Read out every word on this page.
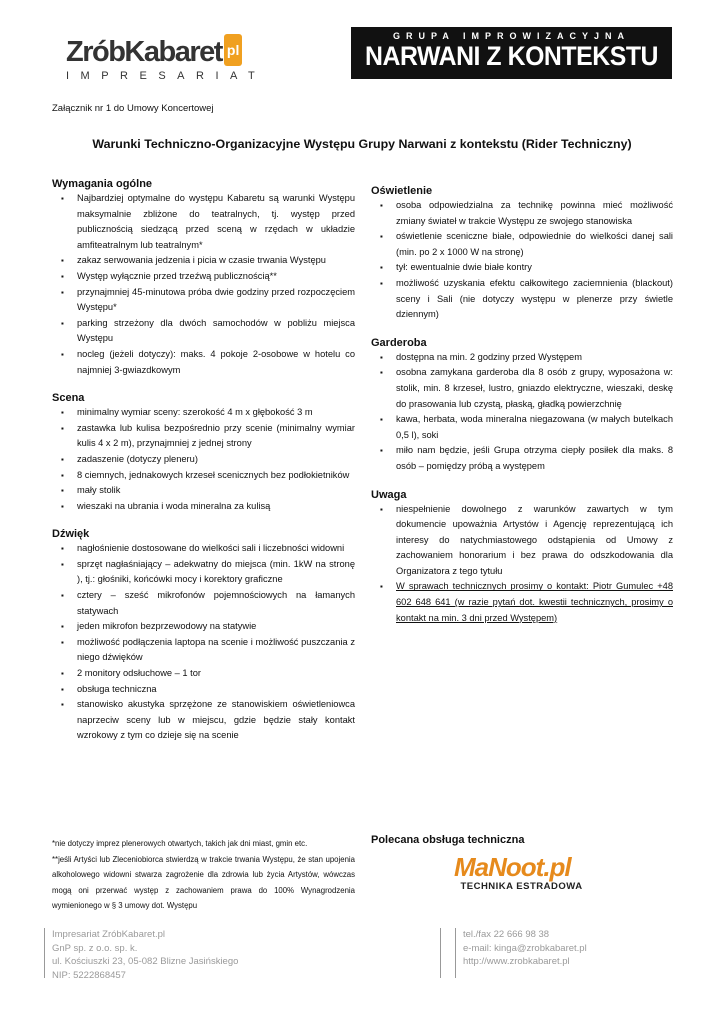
ZróbKabaret pl
IMPRESARIAT
GRUPA IMPROWIZACYJNA
NARWANI Z KONTEKSTU
Załącznik nr 1 do Umowy Koncertowej
Warunki Techniczno-Organizacyjne Występu Grupy Narwani z kontekstu (Rider Techniczny)
Wymagania ogólne
▪ Najbardziej optymalne do występu Kabaretu są warunki Występu maksymalnie zbliżone do teatralnych, tj. występ przed publicznością siedzącą przed sceną w rzędach w układzie amfiteatralnym lub teatralnym*
▪ zakaz serwowania jedzenia i picia w czasie trwania Występu
▪ Występ wyłącznie przed trzeźwą publicznością**
▪ przynajmniej 45-minutowa próba dwie godziny przed rozpoczęciem Występu*
▪ parking strzeżony dla dwóch samochodów w pobliżu miejsca Występu
▪ nocleg (jeżeli dotyczy): maks. 4 pokoje 2-osobowe w hotelu co najmniej 3-gwiazdkowym
Scena
▪ minimalny wymiar sceny: szerokość 4 m x głębokość 3 m
▪ zastawka lub kulisa bezpośrednio przy scenie (minimalny wymiar kulis 4 x 2 m), przynajmniej z jednej strony
▪ zadaszenie (dotyczy pleneru)
▪ 8 ciemnych, jednakowych krzeseł scenicznych bez podłokietników
▪ mały stolik
▪ wieszaki na ubrania i woda mineralna za kulisą
Dźwięk
▪ nagłośnienie dostosowane do wielkości sali i liczebności widowni
▪ sprzęt nagłaśniający – adekwatny do miejsca (min. 1kW na stronę ), tj.: głośniki, końcówki mocy i korektory graficzne
▪ cztery – sześć mikrofonów pojemnościowych na łamanych statywach
▪ jeden mikrofon bezprzewodowy na statywie
▪ możliwość podłączenia laptopa na scenie i możliwość puszczania z niego dźwięków
▪ 2 monitory odsłuchowe – 1 tor
▪ obsługa techniczna
▪ stanowisko akustyka sprzężone ze stanowiskiem oświetleniowca naprzeciw sceny lub w miejscu, gdzie będzie stały kontakt wzrokowy z tym co dzieje się na scenie
Oświetlenie
▪ osoba odpowiedzialna za technikę powinna mieć możliwość zmiany świateł w trakcie Występu ze swojego stanowiska
▪ oświetlenie sceniczne białe, odpowiednie do wielkości danej sali (min. po 2 x 1000 W na stronę)
▪ tył: ewentualnie dwie białe kontry
▪ możliwość uzyskania efektu całkowitego zaciemnienia (blackout) sceny i Sali (nie dotyczy występu w plenerze przy świetle dziennym)
Garderoba
▪ dostępna na min. 2 godziny przed Występem
▪ osobna zamykana garderoba dla 8 osób z grupy, wyposażona w: stolik, min. 8 krzeseł, lustro, gniazdo elektryczne, wieszaki, deskę do prasowania lub czystą, płaską, gładką powierzchnię
▪ kawa, herbata, woda mineralna niegazowana (w małych butelkach 0,5 l), soki
▪ miło nam będzie, jeśli Grupa otrzyma ciepły posiłek dla maks. 8 osób – pomiędzy próbą a występem
Uwaga
▪ niespełnienie dowolnego z warunków zawartych w tym dokumencie upoważnia Artystów i Agencję reprezentującą ich interesy do natychmiastowego odstąpienia od Umowy z zachowaniem honorarium i bez prawa do odszkodowania dla Organizatora z tego tytułu
▪ W sprawach technicznych prosimy o kontakt: Piotr Gumulec +48 602 648 641 (w razie pytań dot. kwestii technicznych, prosimy o kontakt na min. 3 dni przed Występem)

*nie dotyczy imprez plenerowych otwartych, takich jak dni miast, gmin etc.

**jeśli Artyści lub Zleceniobiorca stwierdzą w trakcie trwania Występu, że stan upojenia alkoholowego widowni stwarza zagrożenie dla zdrowia lub życia Artystów, wówczas mogą oni przerwać występ z zachowaniem prawa do 100% Wynagrodzenia wymienionego w § 3 umowy dot. Występu

Polecana obsługa techniczna
MaNoot.pl
TECHNIKA ESTRADOWA
Impresariat ZróbKabaret.pl
GnP sp. z o.o. sp. k.
ul. Kościuszki 23, 05-082 Blizne Jasińskiego
NIP: 5222868457
tel./fax 22 666 98 38
e-mail: kinga@zrobkabaret.pl
http://www.zrobkabaret.pl
